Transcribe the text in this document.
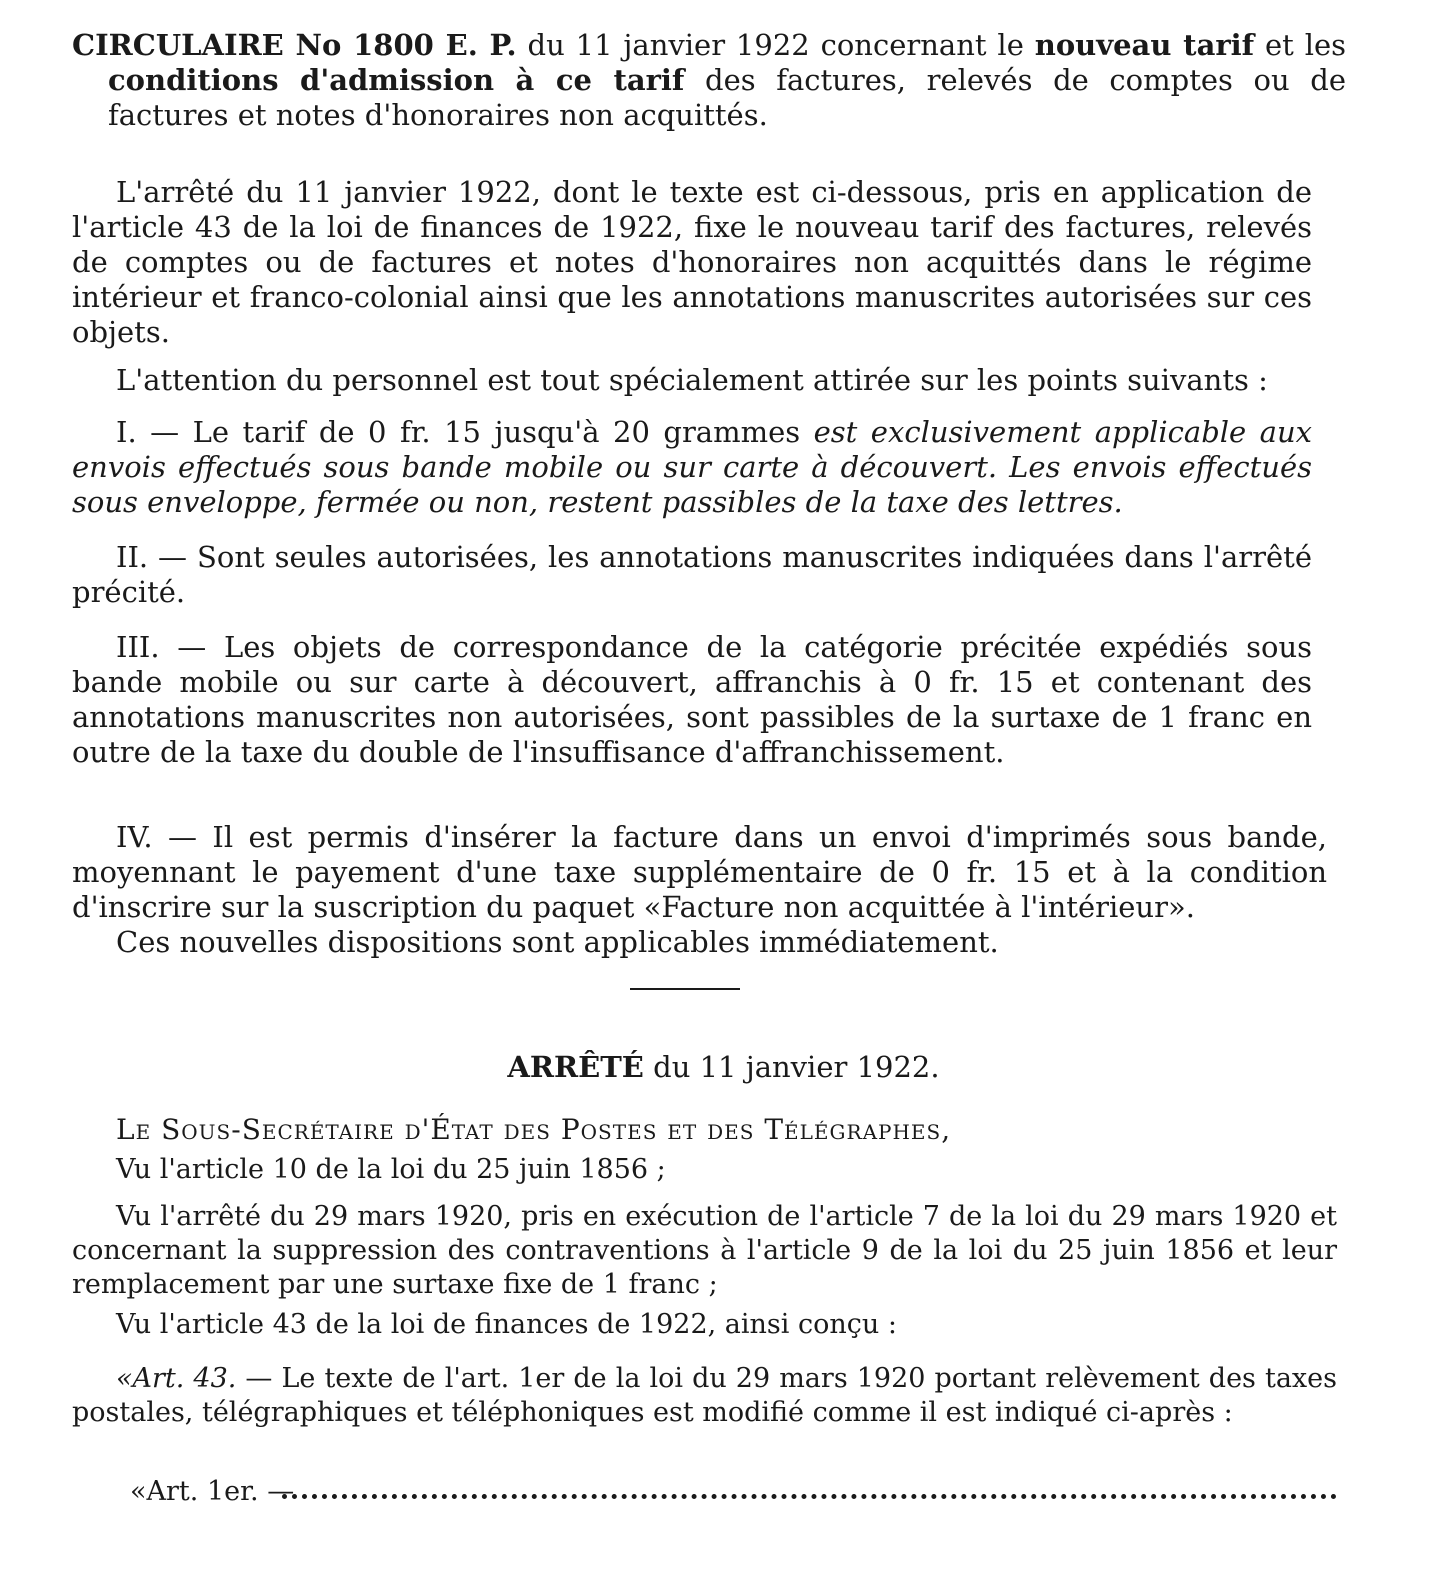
CIRCULAIRE No 1800 E. P. du 11 janvier 1922 concernant le nouveau tarif et les conditions d'admission à ce tarif des factures, relevés de comptes ou de factures et notes d'honoraires non acquittés.

L'arrêté du 11 janvier 1922, dont le texte est ci-dessous, pris en application de l'article 43 de la loi de finances de 1922, fixe le nouveau tarif des factures, relevés de comptes ou de factures et notes d'honoraires non acquittés dans le régime intérieur et franco-colonial ainsi que les annotations manuscrites autorisées sur ces objets.

L'attention du personnel est tout spécialement attirée sur les points suivants :

I. — Le tarif de 0 fr. 15 jusqu'à 20 grammes est exclusivement applicable aux envois effectués sous bande mobile ou sur carte à découvert. Les envois effectués sous enveloppe, fermée ou non, restent passibles de la taxe des lettres.

II. — Sont seules autorisées, les annotations manuscrites indiquées dans l'arrêté précité.

III. — Les objets de correspondance de la catégorie précitée expédiés sous bande mobile ou sur carte à découvert, affranchis à 0 fr. 15 et contenant des annotations manuscrites non autorisées, sont passibles de la surtaxe de 1 franc en outre de la taxe du double de l'insuffisance d'affranchissement.

IV. — Il est permis d'insérer la facture dans un envoi d'imprimés sous bande, moyennant le payement d'une taxe supplémentaire de 0 fr. 15 et à la condition d'inscrire sur la suscription du paquet «Facture non acquittée à l'intérieur».

Ces nouvelles dispositions sont applicables immédiatement.

ARRÊTÉ du 11 janvier 1922.

Le Sous-Secrétaire d'État des Postes et des Télégraphes,

Vu l'article 10 de la loi du 25 juin 1856 ;

Vu l'arrêté du 29 mars 1920, pris en exécution de l'article 7 de la loi du 29 mars 1920 et concernant la suppression des contraventions à l'article 9 de la loi du 25 juin 1856 et leur remplacement par une surtaxe fixe de 1 franc ;

Vu l'article 43 de la loi de finances de 1922, ainsi conçu :

«Art. 43. — Le texte de l'art. 1er de la loi du 29 mars 1920 portant relèvement des taxes postales, télégraphiques et téléphoniques est modifié comme il est indiqué ci-après :

«Art. 1er. —
